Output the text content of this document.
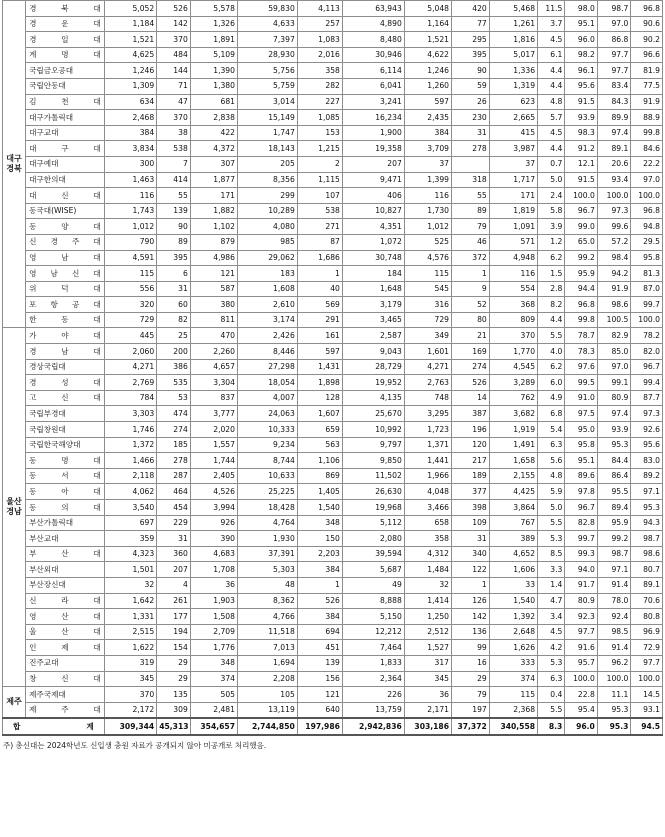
대구 경북	경 북 대	5,052	526	5,578	59,830	4,113	63,943	5,048	420	5,468	11.5	98.0	98.7	96.8
	경 운 대	1,184	142	1,326	4,633	257	4,890	1,164	77	1,261	3.7	95.1	97.0	90.6
	경 일 대	1,521	370	1,891	7,397	1,083	8,480	1,521	295	1,816	4.5	96.0	86.8	90.2
	계 명 대	4,625	484	5,109	28,930	2,016	30,946	4,622	395	5,017	6.1	98.2	97.7	96.6
	국립금오공대	1,246	144	1,390	5,756	358	6,114	1,246	90	1,336	4.4	96.1	97.7	81.9
	국립안동대	1,309	71	1,380	5,759	282	6,041	1,260	59	1,319	4.4	95.6	83.4	77.5
	김 천 대	634	47	681	3,014	227	3,241	597	26	623	4.8	91.5	84.3	91.9
	대구가톨릭대	2,468	370	2,838	15,149	1,085	16,234	2,435	230	2,665	5.7	93.9	89.9	88.9
	대구교대	384	38	422	1,747	153	1,900	384	31	415	4.5	98.3	97.4	99.8
	대 구 대	3,834	538	4,372	18,143	1,215	19,358	3,709	278	3,987	4.4	91.2	89.1	84.6
	대구예대	300	7	307	205	2	207	37		37	0.7	12.1	20.6	22.2
	대구한의대	1,463	414	1,877	8,356	1,115	9,471	1,399	318	1,717	5.0	91.5	93.4	97.0
	대 신 대	116	55	171	299	107	406	116	55	171	2.4	100.0	100.0	100.0
	동국대(WISE)	1,743	139	1,882	10,289	538	10,827	1,730	89	1,819	5.8	96.7	97.3	96.8
	동 양 대	1,012	90	1,102	4,080	271	4,351	1,012	79	1,091	3.9	99.0	99.6	94.8
	신 경 주 대	790	89	879	985	87	1,072	525	46	571	1.2	65.0	57.2	29.5
	영 남 대	4,591	395	4,986	29,062	1,686	30,748	4,576	372	4,948	6.2	99.2	98.4	95.8
	영 남 신 대	115	6	121	183	1	184	115	1	116	1.5	95.9	94.2	81.3
	위 덕 대	556	31	587	1,608	40	1,648	545	9	554	2.8	94.4	91.9	87.0
	포 항 공 대	320	60	380	2,610	569	3,179	316	52	368	8.2	96.8	98.6	99.7
	한 동 대	729	82	811	3,174	291	3,465	729	80	809	4.4	99.8	100.5	100.0
울산 경남	가 야 대	445	25	470	2,426	161	2,587	349	21	370	5.5	78.7	82.9	78.2
	경 남 대	2,060	200	2,260	8,446	597	9,043	1,601	169	1,770	4.0	78.3	85.0	82.0
	경상국립대	4,271	386	4,657	27,298	1,431	28,729	4,271	274	4,545	6.2	97.6	97.0	96.7
	경 성 대	2,769	535	3,304	18,054	1,898	19,952	2,763	526	3,289	6.0	99.5	99.1	99.4
	고 신 대	784	53	837	4,007	128	4,135	748	14	762	4.9	91.0	80.9	87.7
	국립부경대	3,303	474	3,777	24,063	1,607	25,670	3,295	387	3,682	6.8	97.5	97.4	97.3
	국립창원대	1,746	274	2,020	10,333	659	10,992	1,723	196	1,919	5.4	95.0	93.9	92.6
	국립한국해양대	1,372	185	1,557	9,234	563	9,797	1,371	120	1,491	6.3	95.8	95.3	95.6
	동 명 대	1,466	278	1,744	8,744	1,106	9,850	1,441	217	1,658	5.6	95.1	84.4	83.0
	동 서 대	2,118	287	2,405	10,633	869	11,502	1,966	189	2,155	4.8	89.6	86.4	89.2
	동 아 대	4,062	464	4,526	25,225	1,405	26,630	4,048	377	4,425	5.9	97.8	95.5	97.1
	동 의 대	3,540	454	3,994	18,428	1,540	19,968	3,466	398	3,864	5.0	96.7	89.4	95.3
	부산가톨릭대	697	229	926	4,764	348	5,112	658	109	767	5.5	82.8	95.9	94.3
	부산교대	359	31	390	1,930	150	2,080	358	31	389	5.3	99.7	99.2	98.7
	부 산 대	4,323	360	4,683	37,391	2,203	39,594	4,312	340	4,652	8.5	99.3	98.7	98.6
	부산외대	1,501	207	1,708	5,303	384	5,687	1,484	122	1,606	3.3	94.0	97.1	80.7
	부산장신대	32	4	36	48	1	49	32	1	33	1.4	91.7	91.4	89.1
	신 라 대	1,642	261	1,903	8,362	526	8,888	1,414	126	1,540	4.7	80.9	78.0	70.6
	영 산 대	1,331	177	1,508	4,766	384	5,150	1,250	142	1,392	3.4	92.3	92.4	80.8
	울 산 대	2,515	194	2,709	11,518	694	12,212	2,512	136	2,648	4.5	97.7	98.5	96.9
	인 제 대	1,622	154	1,776	7,013	451	7,464	1,527	99	1,626	4.2	91.6	91.4	72.9
	진주교대	319	29	348	1,694	139	1,833	317	16	333	5.3	95.7	96.2	97.7
	창 신 대	345	29	374	2,208	156	2,364	345	29	374	6.3	100.0	100.0	100.0
제주	제주국제대	370	135	505	105	121	226	36	79	115	0.4	22.8	11.1	14.5
	제 주 대	2,172	309	2,481	13,119	640	13,759	2,171	197	2,368	5.5	95.4	95.3	93.1
합 계		309,344	45,313	354,657	2,744,850	197,986	2,942,836	303,186	37,372	340,558	8.3	96.0	95.3	94.5
주) 총신대는 2024학년도 신입생 충원 자료가 공개되지 않아 미공개로 처리했음.
